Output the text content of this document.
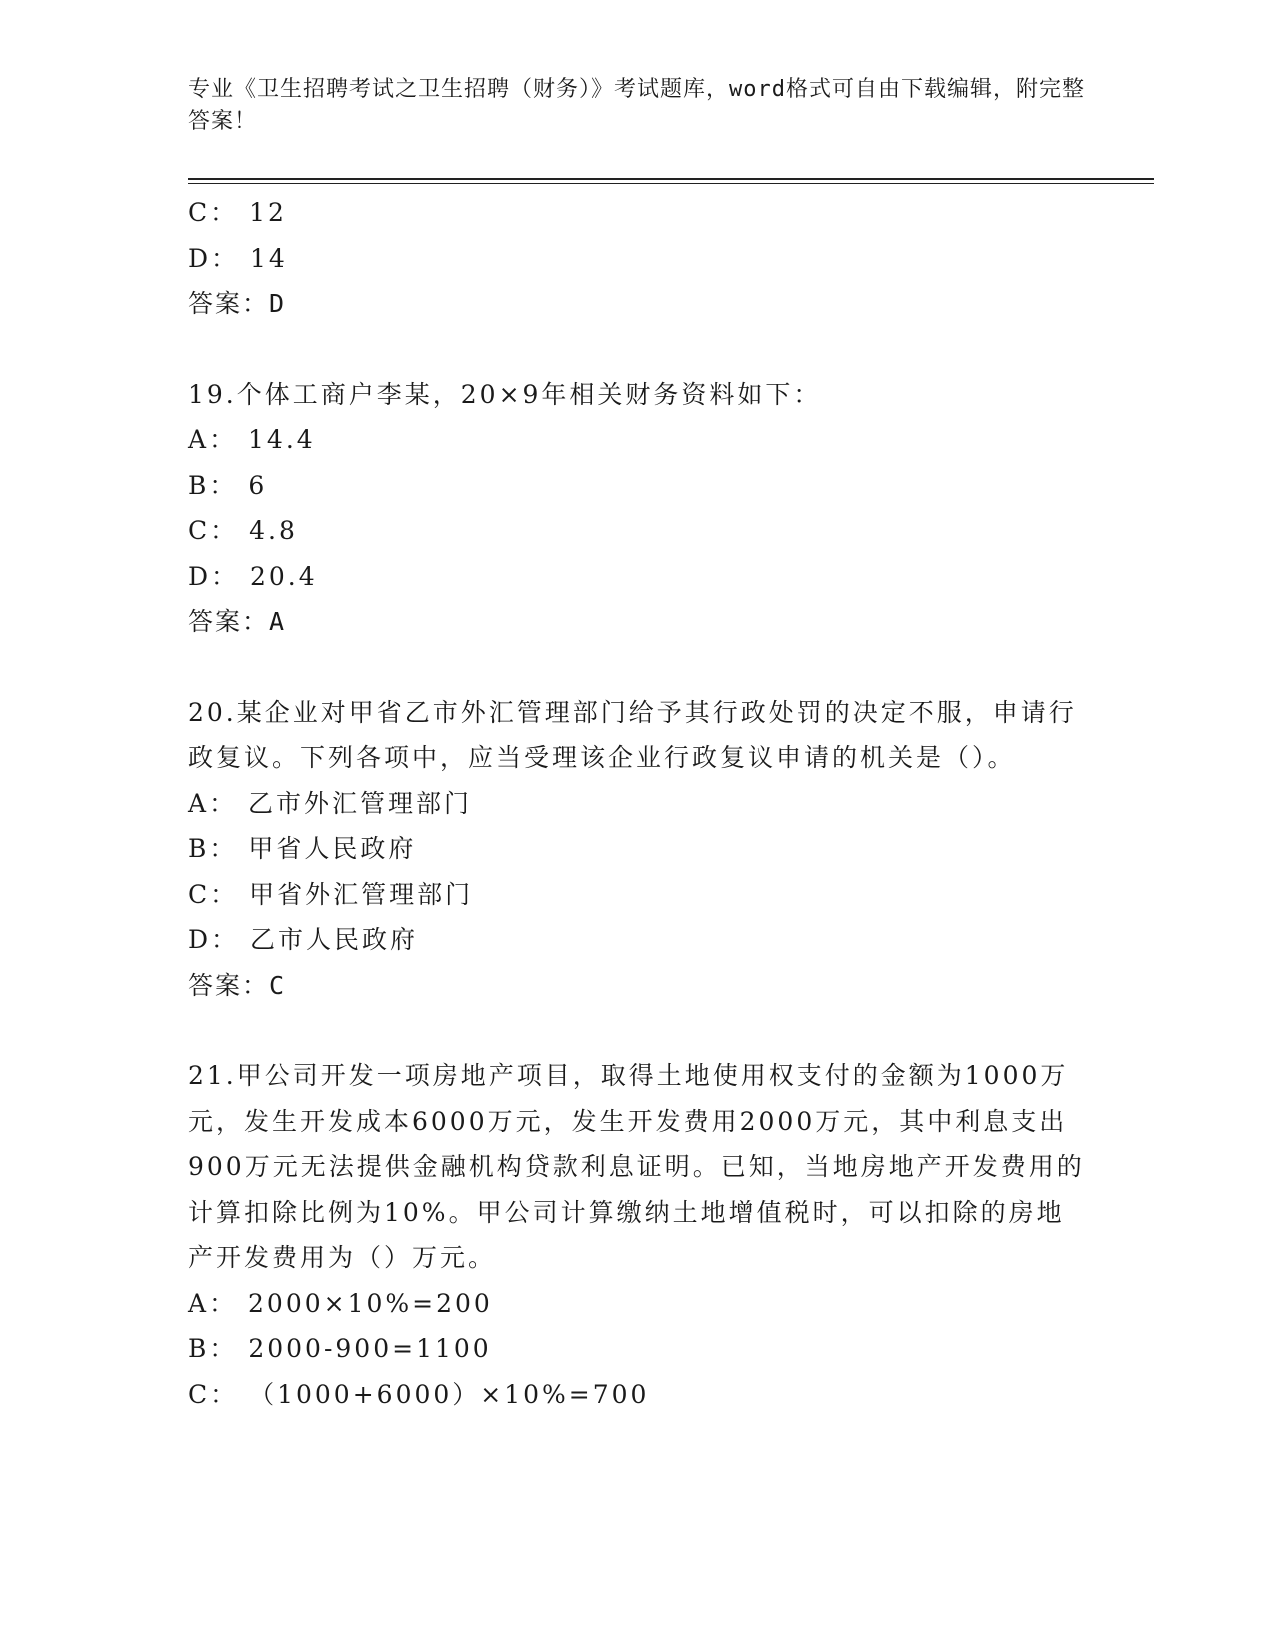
专业《卫生招聘考试之卫生招聘（财务）》考试题库，word格式可自由下载编辑，附完整答案！
C： 12
D： 14
答案：D
19.个体工商户李某，20×9年相关财务资料如下：
A： 14.4
B： 6
C： 4.8
D： 20.4
答案：A
20.某企业对甲省乙市外汇管理部门给予其行政处罚的决定不服，申请行政复议。下列各项中，应当受理该企业行政复议申请的机关是（）。
A： 乙市外汇管理部门
B： 甲省人民政府
C： 甲省外汇管理部门
D： 乙市人民政府
答案：C
21.甲公司开发一项房地产项目，取得土地使用权支付的金额为1000万元，发生开发成本6000万元，发生开发费用2000万元，其中利息支出900万元无法提供金融机构贷款利息证明。已知，当地房地产开发费用的计算扣除比例为10%。甲公司计算缴纳土地增值税时，可以扣除的房地产开发费用为（）万元。
A： 2000×10%=200
B： 2000-900=1100
C： （1000+6000）×10%=700
